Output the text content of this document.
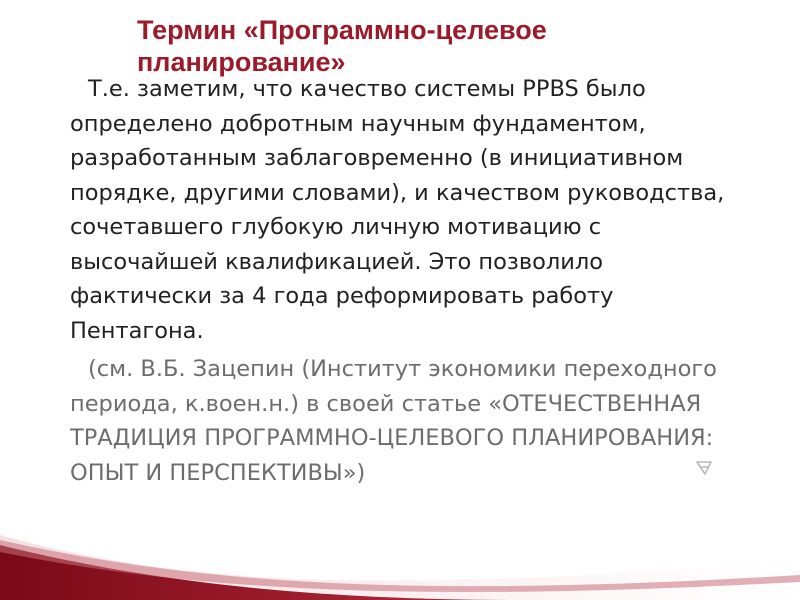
Термин «Программно-целевое планирование»

Т.е. заметим, что качество системы PPBS было определено добротным научным фундаментом, разработанным заблаговременно (в инициативном порядке, другими словами), и качеством руководства, сочетавшего глубокую личную мотивацию с высочайшей квалификацией. Это позволило фактически за 4 года реформировать работу Пентагона.

(см. В.Б. Зацепин (Институт экономики переходного периода, к.воен.н.) в своей статье «ОТЕЧЕСТВЕННАЯ ТРАДИЦИЯ ПРОГРАММНО-ЦЕЛЕВОГО ПЛАНИРОВАНИЯ: ОПЫТ И ПЕРСПЕКТИВЫ»)
